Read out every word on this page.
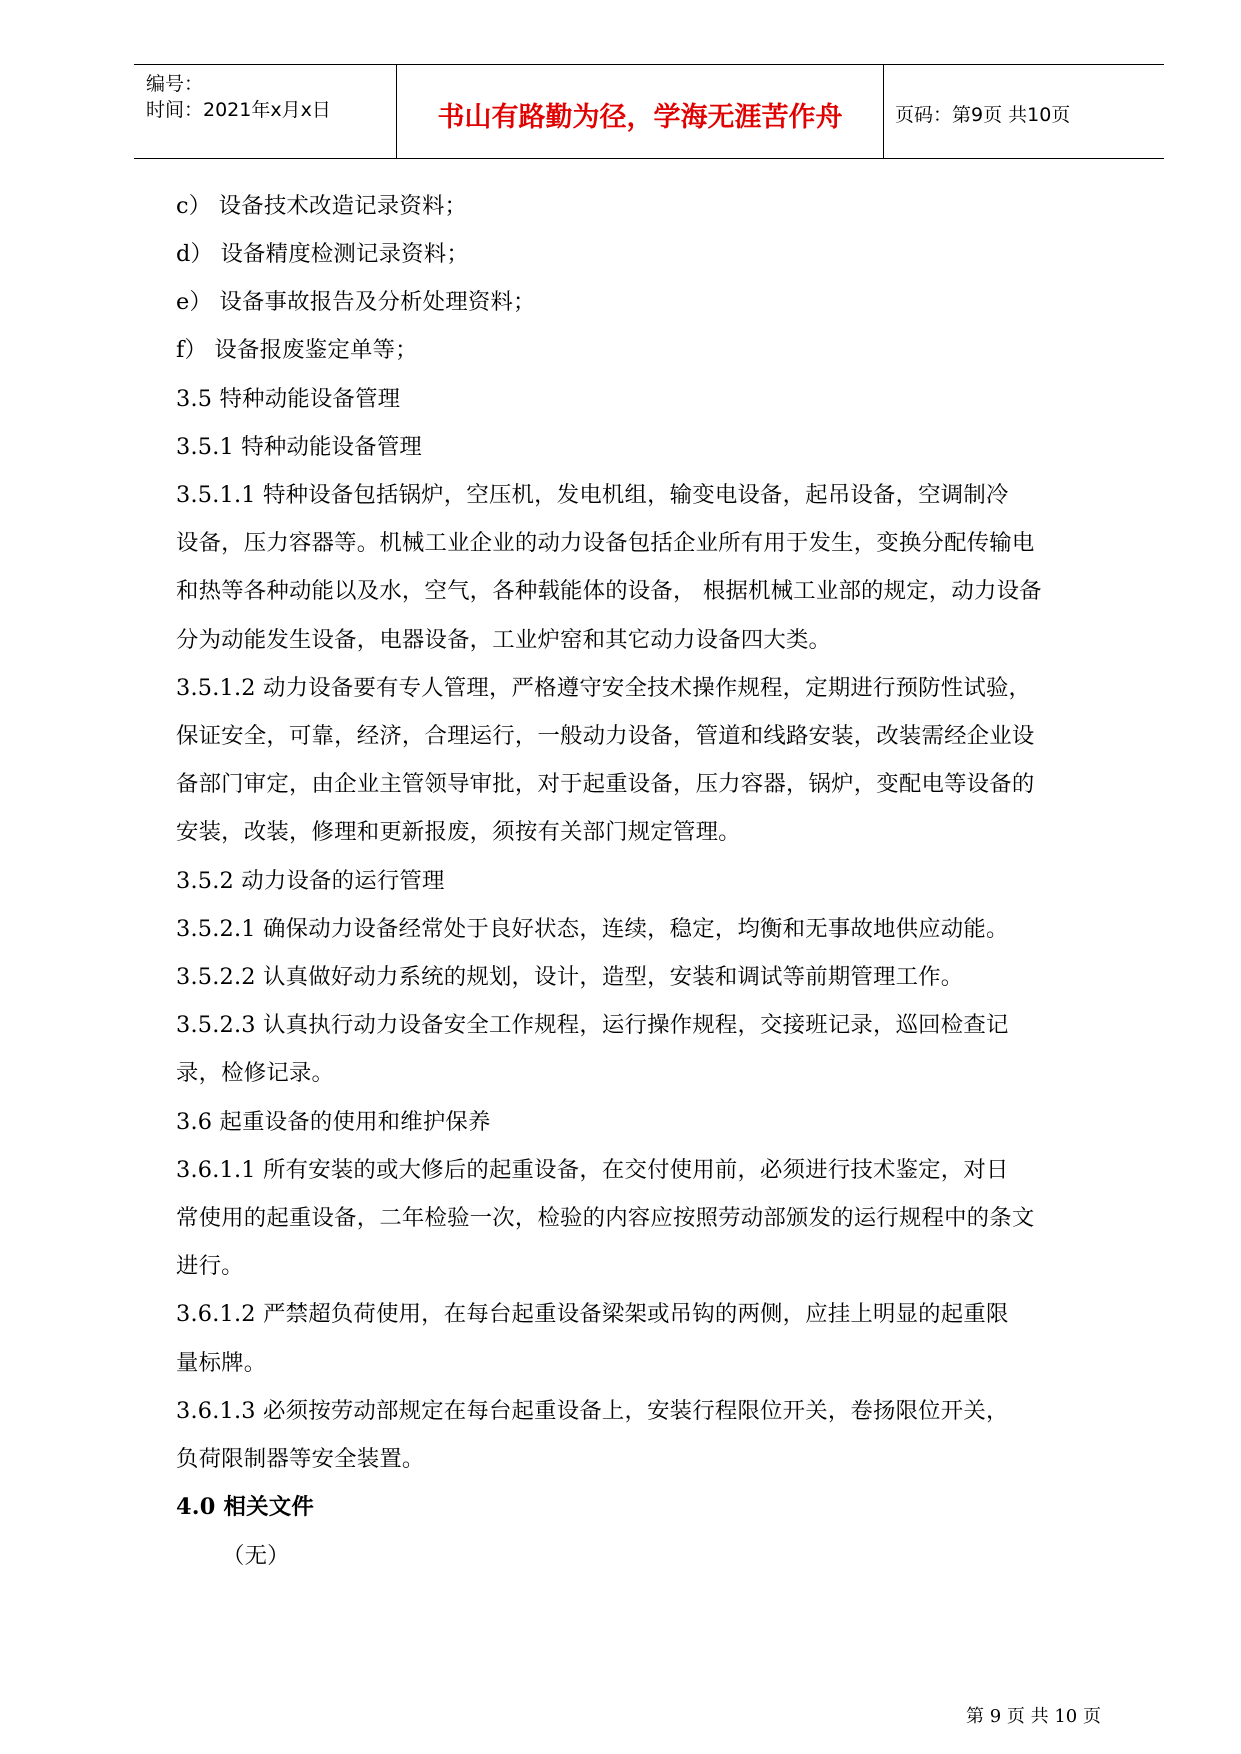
编号：
时间：2021年x月x日	书山有路勤为径，学海无涯苦作舟	页码：第9页 共10页
c） 设备技术改造记录资料；
d） 设备精度检测记录资料；
e） 设备事故报告及分析处理资料；
f） 设备报废鉴定单等；
3.5 特种动能设备管理
3.5.1 特种动能设备管理
3.5.1.1 特种设备包括锅炉，空压机，发电机组，输变电设备，起吊设备，空调制冷
设备，压力容器等。机械工业企业的动力设备包括企业所有用于发生，变换分配传输电
和热等各种动能以及水，空气，各种载能体的设备， 根据机械工业部的规定，动力设备
分为动能发生设备，电器设备，工业炉窑和其它动力设备四大类。
3.5.1.2 动力设备要有专人管理，严格遵守安全技术操作规程，定期进行预防性试验，
保证安全，可靠，经济，合理运行，一般动力设备，管道和线路安装，改装需经企业设
备部门审定，由企业主管领导审批，对于起重设备，压力容器，锅炉，变配电等设备的
安装，改装，修理和更新报废，须按有关部门规定管理。
3.5.2 动力设备的运行管理
3.5.2.1 确保动力设备经常处于良好状态，连续，稳定，均衡和无事故地供应动能。
3.5.2.2 认真做好动力系统的规划，设计，造型，安装和调试等前期管理工作。
3.5.2.3 认真执行动力设备安全工作规程，运行操作规程，交接班记录，巡回检查记
录，检修记录。
3.6 起重设备的使用和维护保养
3.6.1.1 所有安装的或大修后的起重设备，在交付使用前，必须进行技术鉴定，对日
常使用的起重设备，二年检验一次，检验的内容应按照劳动部颁发的运行规程中的条文
进行。
3.6.1.2 严禁超负荷使用，在每台起重设备梁架或吊钩的两侧，应挂上明显的起重限
量标牌。
3.6.1.3 必须按劳动部规定在每台起重设备上，安装行程限位开关，卷扬限位开关，
负荷限制器等安全装置。
4.0 相关文件
（无）
第 9 页 共 10 页
